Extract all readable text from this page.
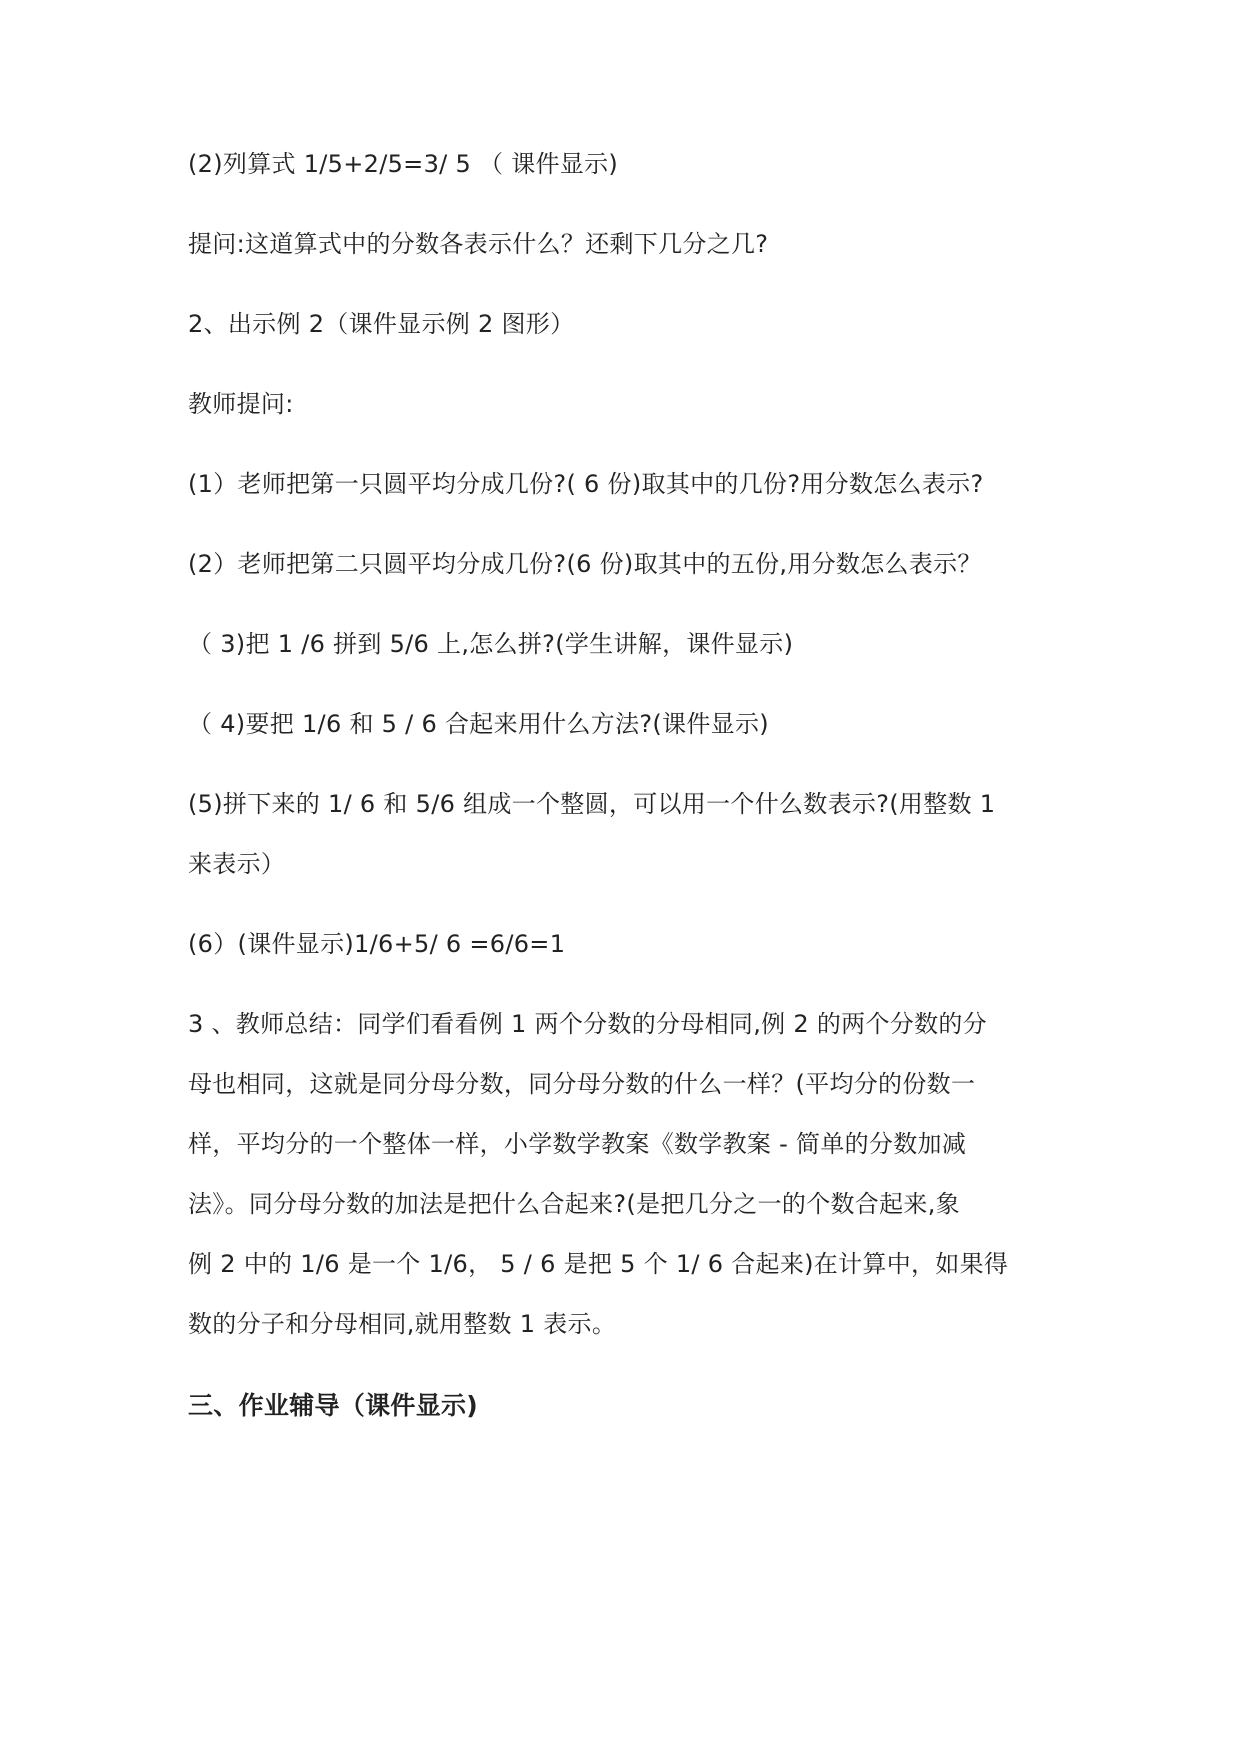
(2)列算式 1/5+2/5=3/ 5 （ 课件显示)
提问:这道算式中的分数各表示什么？还剩下几分之几?
2、出示例 2（课件显示例 2 图形）
教师提问:
(1）老师把第一只圆平均分成几份?( 6 份)取其中的几份?用分数怎么表示?
(2）老师把第二只圆平均分成几份?(6 份)取其中的五份,用分数怎么表示？
（ 3)把 1 /6 拼到 5/6 上,怎么拼?(学生讲解，课件显示)
（ 4)要把 1/6 和 5 / 6 合起来用什么方法?(课件显示)
(5)拼下来的 1/ 6 和 5/6 组成一个整圆，可以用一个什么数表示?(用整数 1
来表示）
(6）(课件显示)1/6+5/ 6 =6/6=1
3 、教师总结：同学们看看例 1 两个分数的分母相同,例 2 的两个分数的分
母也相同，这就是同分母分数，同分母分数的什么一样？(平均分的份数一
样，平均分的一个整体一样，小学数学教案《数学教案 - 简单的分数加减
法》。同分母分数的加法是把什么合起来?(是把几分之一的个数合起来,象
例 2 中的 1/6 是一个 1/6， 5 / 6 是把 5 个 1/ 6 合起来)在计算中，如果得
数的分子和分母相同,就用整数 1 表示。
三、作业辅导（课件显示)
